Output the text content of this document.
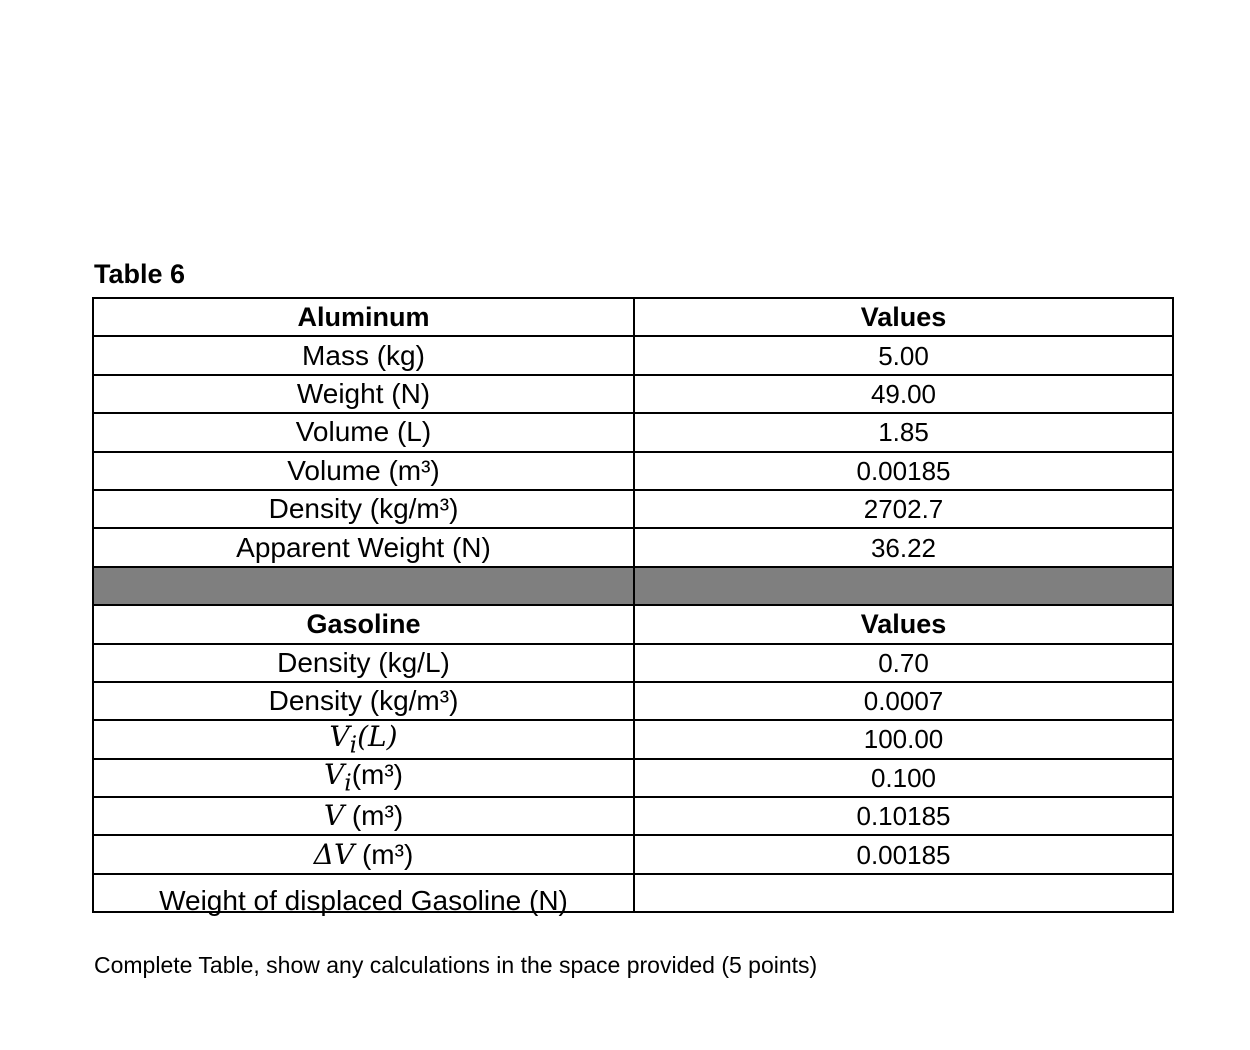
Table 6
Aluminum	Values
Mass (kg)	5.00
Weight (N)	49.00
Volume (L)	1.85
Volume (m³)	0.00185
Density (kg/m³)	2702.7
Apparent Weight (N)	36.22

Gasoline	Values
Density (kg/L)	0.70
Density (kg/m³)	0.0007
$V_i(L)$	100.00
$V_i(m^3)$	0.100
V (m³)	0.10185
ΔV (m³)	0.00185
Weight of displaced Gasoline (N)	
Complete Table, show any calculations in the space provided (5 points)
